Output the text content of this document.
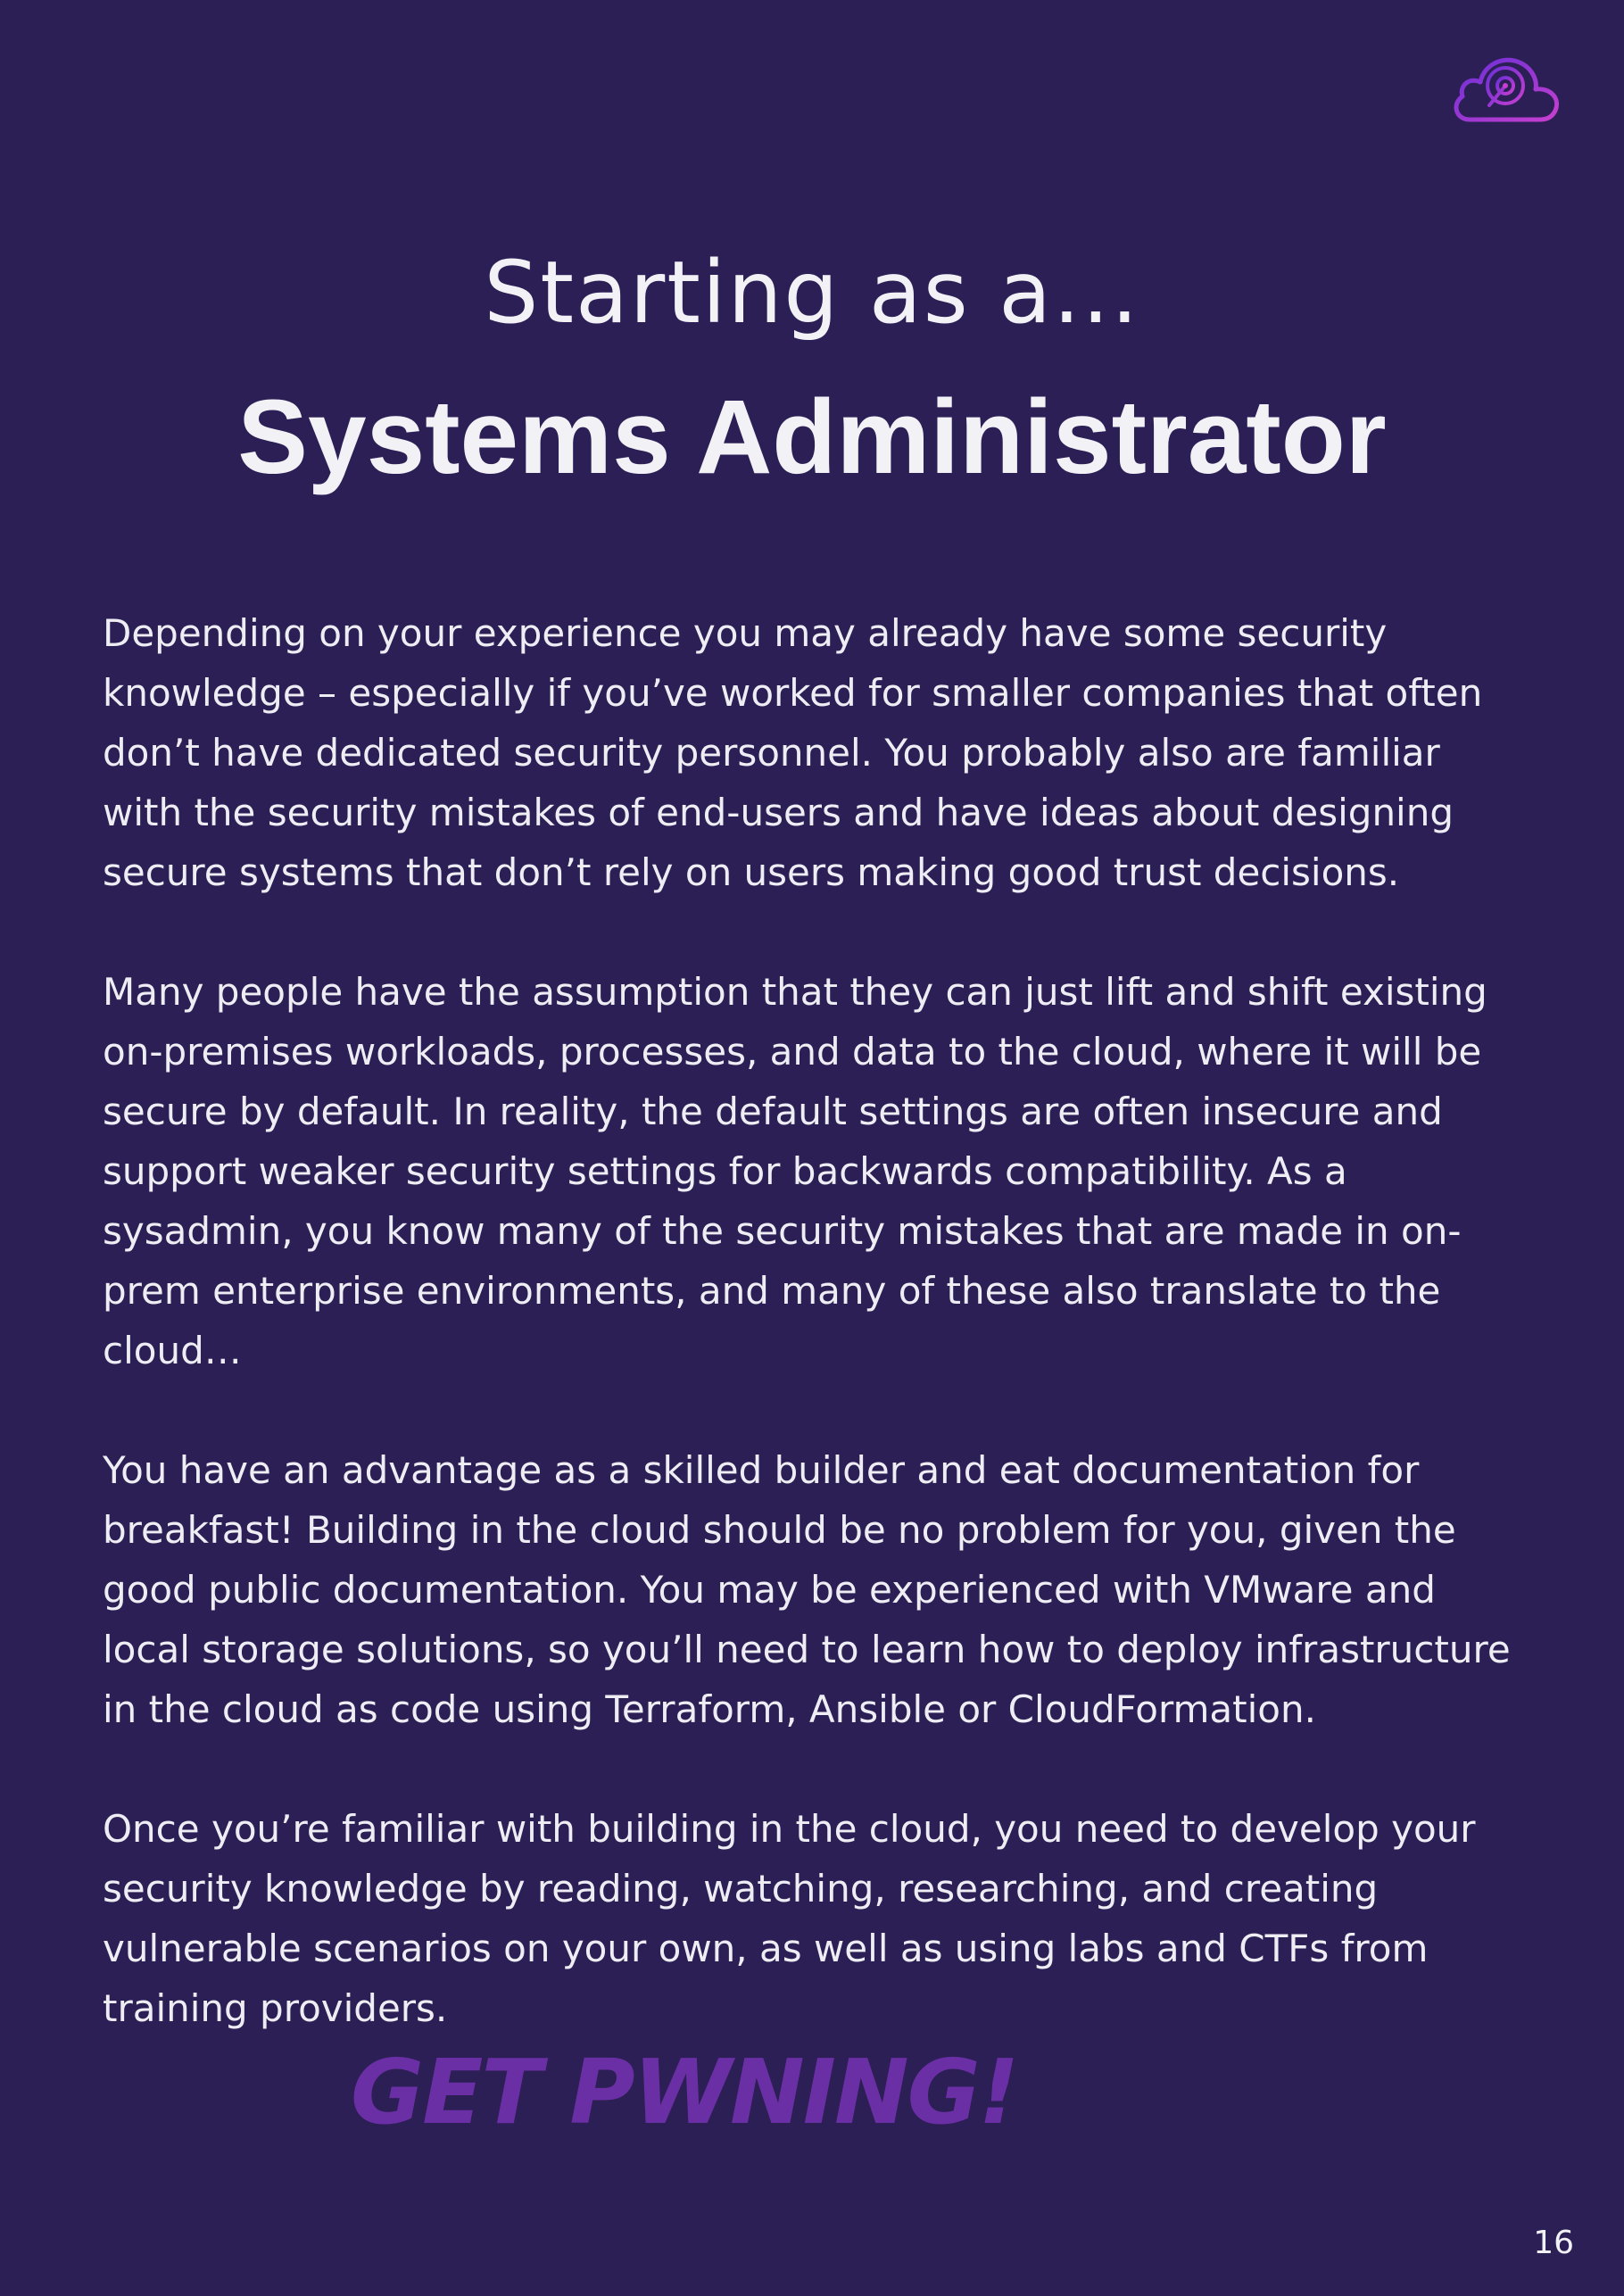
Starting as a...
Systems Administrator

Depending on your experience you may already have some security knowledge – especially if you’ve worked for smaller companies that often don’t have dedicated security personnel. You probably also are familiar with the security mistakes of end-users and have ideas about designing secure systems that don’t rely on users making good trust decisions.

Many people have the assumption that they can just lift and shift existing on-premises workloads, processes, and data to the cloud, where it will be secure by default. In reality, the default settings are often insecure and support weaker security settings for backwards compatibility. As a sysadmin, you know many of the security mistakes that are made in on-prem enterprise environments, and many of these also translate to the cloud…

You have an advantage as a skilled builder and eat documentation for breakfast! Building in the cloud should be no problem for you, given the good public documentation. You may be experienced with VMware and local storage solutions, so you’ll need to learn how to deploy infrastructure in the cloud as code using Terraform, Ansible or CloudFormation.

Once you’re familiar with building in the cloud, you need to develop your security knowledge by reading, watching, researching, and creating vulnerable scenarios on your own, as well as using labs and CTFs from training providers.

GET PWNING!
16
